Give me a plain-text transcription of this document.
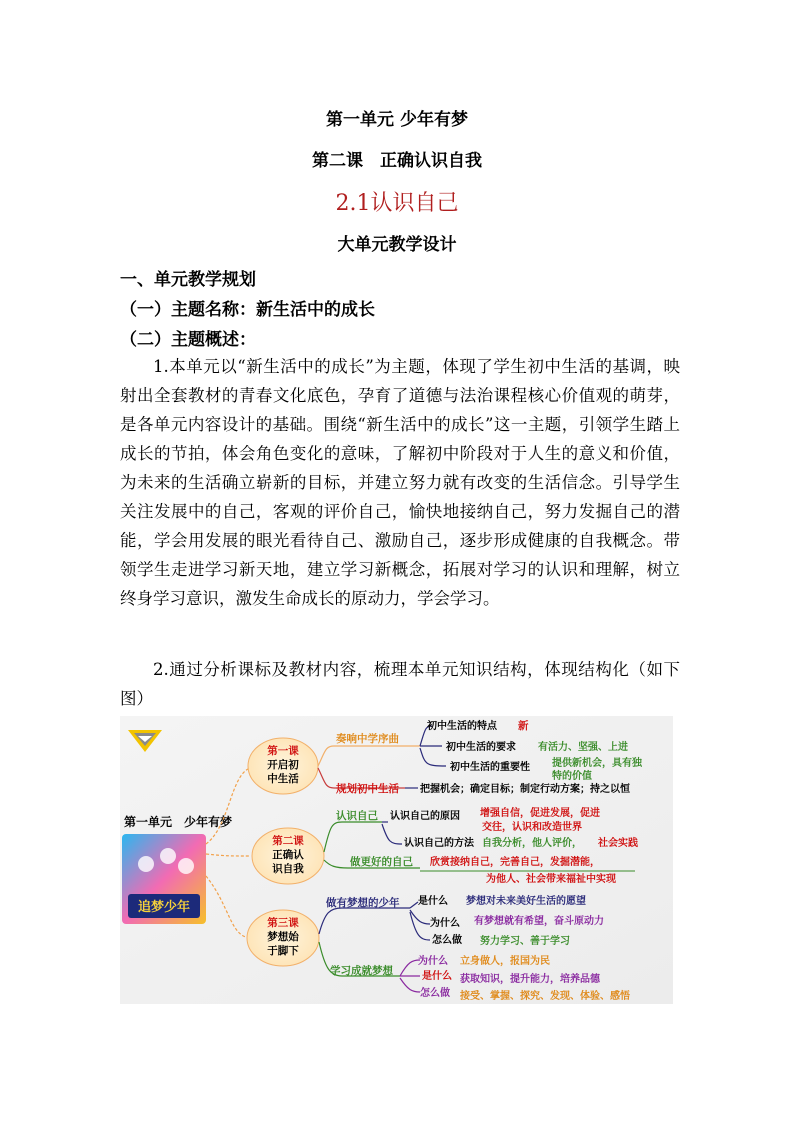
第一单元 少年有梦
第二课　正确认识自我
2.1认识自己
大单元教学设计
一、单元教学规划
（一）主题名称：新生活中的成长
（二）主题概述：

1.本单元以“新生活中的成长”为主题，体现了学生初中生活的基调，映射出全套教材的青春文化底色，孕育了道德与法治课程核心价值观的萌芽，是各单元内容设计的基础。围绕“新生活中的成长”这一主题，引领学生踏上成长的节拍，体会角色变化的意味，了解初中阶段对于人生的意义和价值，为未来的生活确立崭新的目标，并建立努力就有改变的生活信念。引导学生关注发展中的自己，客观的评价自己，愉快地接纳自己，努力发掘自己的潜能，学会用发展的眼光看待自己、激励自己，逐步形成健康的自我概念。带领学生走进学习新天地，建立学习新概念，拓展对学习的认识和理解，树立终身学习意识，激发生命成长的原动力，学会学习。

2.通过分析课标及教材内容，梳理本单元知识结构，体现结构化（如下图）

第一单元　少年有梦
追梦少年
第一课
开启初
中生活
第二课
正确认
识自我
第三课
梦想始
于脚下
奏响中学序曲
初中生活的特点 新
初中生活的要求 有活力、坚强、上进
初中生活的重要性 提供新机会，具有独
特的价值
规划初中生活 把握机会；确定目标；制定行动方案；持之以恒
认识自己 认识自己的原因 增强自信，促进发展，促进
交往，认识和改造世界
认识自己的方法 自我分析，他人评价， 社会实践
做更好的自己 欣赏接纳自己，完善自己，发掘潜能，
为他人、社会带来福祉中实现
做有梦想的少年 是什么 梦想对未来美好生活的愿望
为什么 有梦想就有希望，奋斗原动力
怎么做 努力学习、善于学习
学习成就梦想
为什么 立身做人，报国为民
是什么 获取知识，提升能力，培养品德
怎么做 接受、掌握、探究、发现、体验、感悟
